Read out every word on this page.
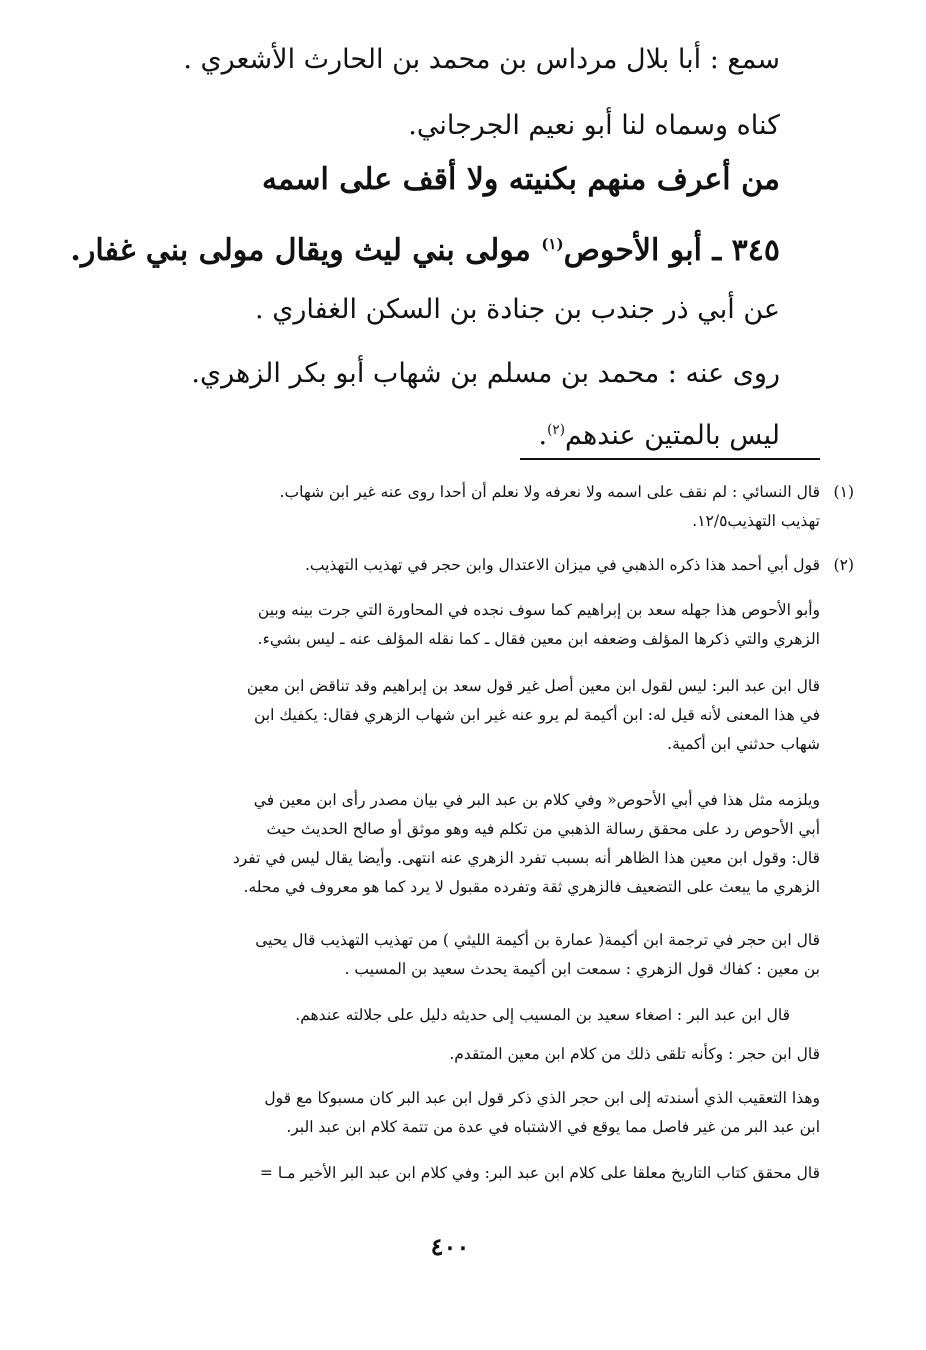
سمع : أبا بلال مرداس بن محمد بن الحارث الأشعري .
كناه وسماه لنا أبو نعيم الجرجاني.
من أعرف منهم بكنيته ولا أقف على اسمه
٣٤٥ ـ أبو الأحوص$^{(١)}$ مولى بني ليث ويقال مولى بني غفار.
عن أبي ذر جندب بن جنادة بن السكن الغفاري .
روى عنه : محمد بن مسلم بن شهاب أبو بكر الزهري.
ليس بالمتين عندهم$^{(٢)}$.
(١)
قال النسائي : لم نقف على اسمه ولا نعرفه ولا نعلم أن أحدا روى عنه غير ابن شهاب.
تهذيب التهذيب١٢/٥.
(٢)
قول أبي أحمد هذا ذكره الذهبي في ميزان الاعتدال وابن حجر في تهذيب التهذيب.
وأبو الأحوص هذا جهله سعد بن إبراهيم كما سوف نجده في المحاورة التي جرت بينه وبين
الزهري والتي ذكرها المؤلف وضعفه ابن معين فقال ـ كما نقله المؤلف عنه ـ ليس بشيء.
قال ابن عبد البر: ليس لقول ابن معين أصل غير قول سعد بن إبراهيم وقد تناقض ابن معين
في هذا المعنى لأنه قيل له: ابن أكيمة لم يرو عنه غير ابن شهاب الزهري فقال: يكفيك ابن
شهاب حدثني ابن أكمية.
ويلزمه مثل هذا في أبي الأحوص« وفي كلام بن عبد البر في بيان مصدر رأى ابن معين في
أبي الأحوص رد على محقق رسالة الذهبي من تكلم فيه وهو موثق أو صالح الحديث حيث
قال: وقول ابن معين هذا الظاهر أنه بسبب تفرد الزهري عنه انتهى. وأيضا يقال ليس في تفرد
الزهري ما يبعث على التضعيف فالزهري ثقة وتفرده مقبول لا يرد كما هو معروف في محله.
قال ابن حجر في ترجمة ابن أكيمة( عمارة بن أكيمة الليثي ) من تهذيب التهذيب قال يحيى
بن معين : كفاك قول الزهري : سمعت ابن أكيمة يحدث سعيد بن المسيب .
قال ابن عبد البر : اصغاء سعيد بن المسيب إلى حديثه دليل على جلالته عندهم.
قال ابن حجر : وكأنه تلقى ذلك من كلام ابن معين المتقدم.
وهذا التعقيب الذي أسندته إلى ابن حجر الذي ذكر قول ابن عبد البر كان مسبوكا مع قول
ابن عبد البر من غير فاصل مما يوقع في الاشتباه في عدة من تتمة كلام ابن عبد البر.
قال محقق كتاب التاريخ معلقا على كلام ابن عبد البر: وفي كلام ابن عبد البر الأخير مـا =
٤٠٠
